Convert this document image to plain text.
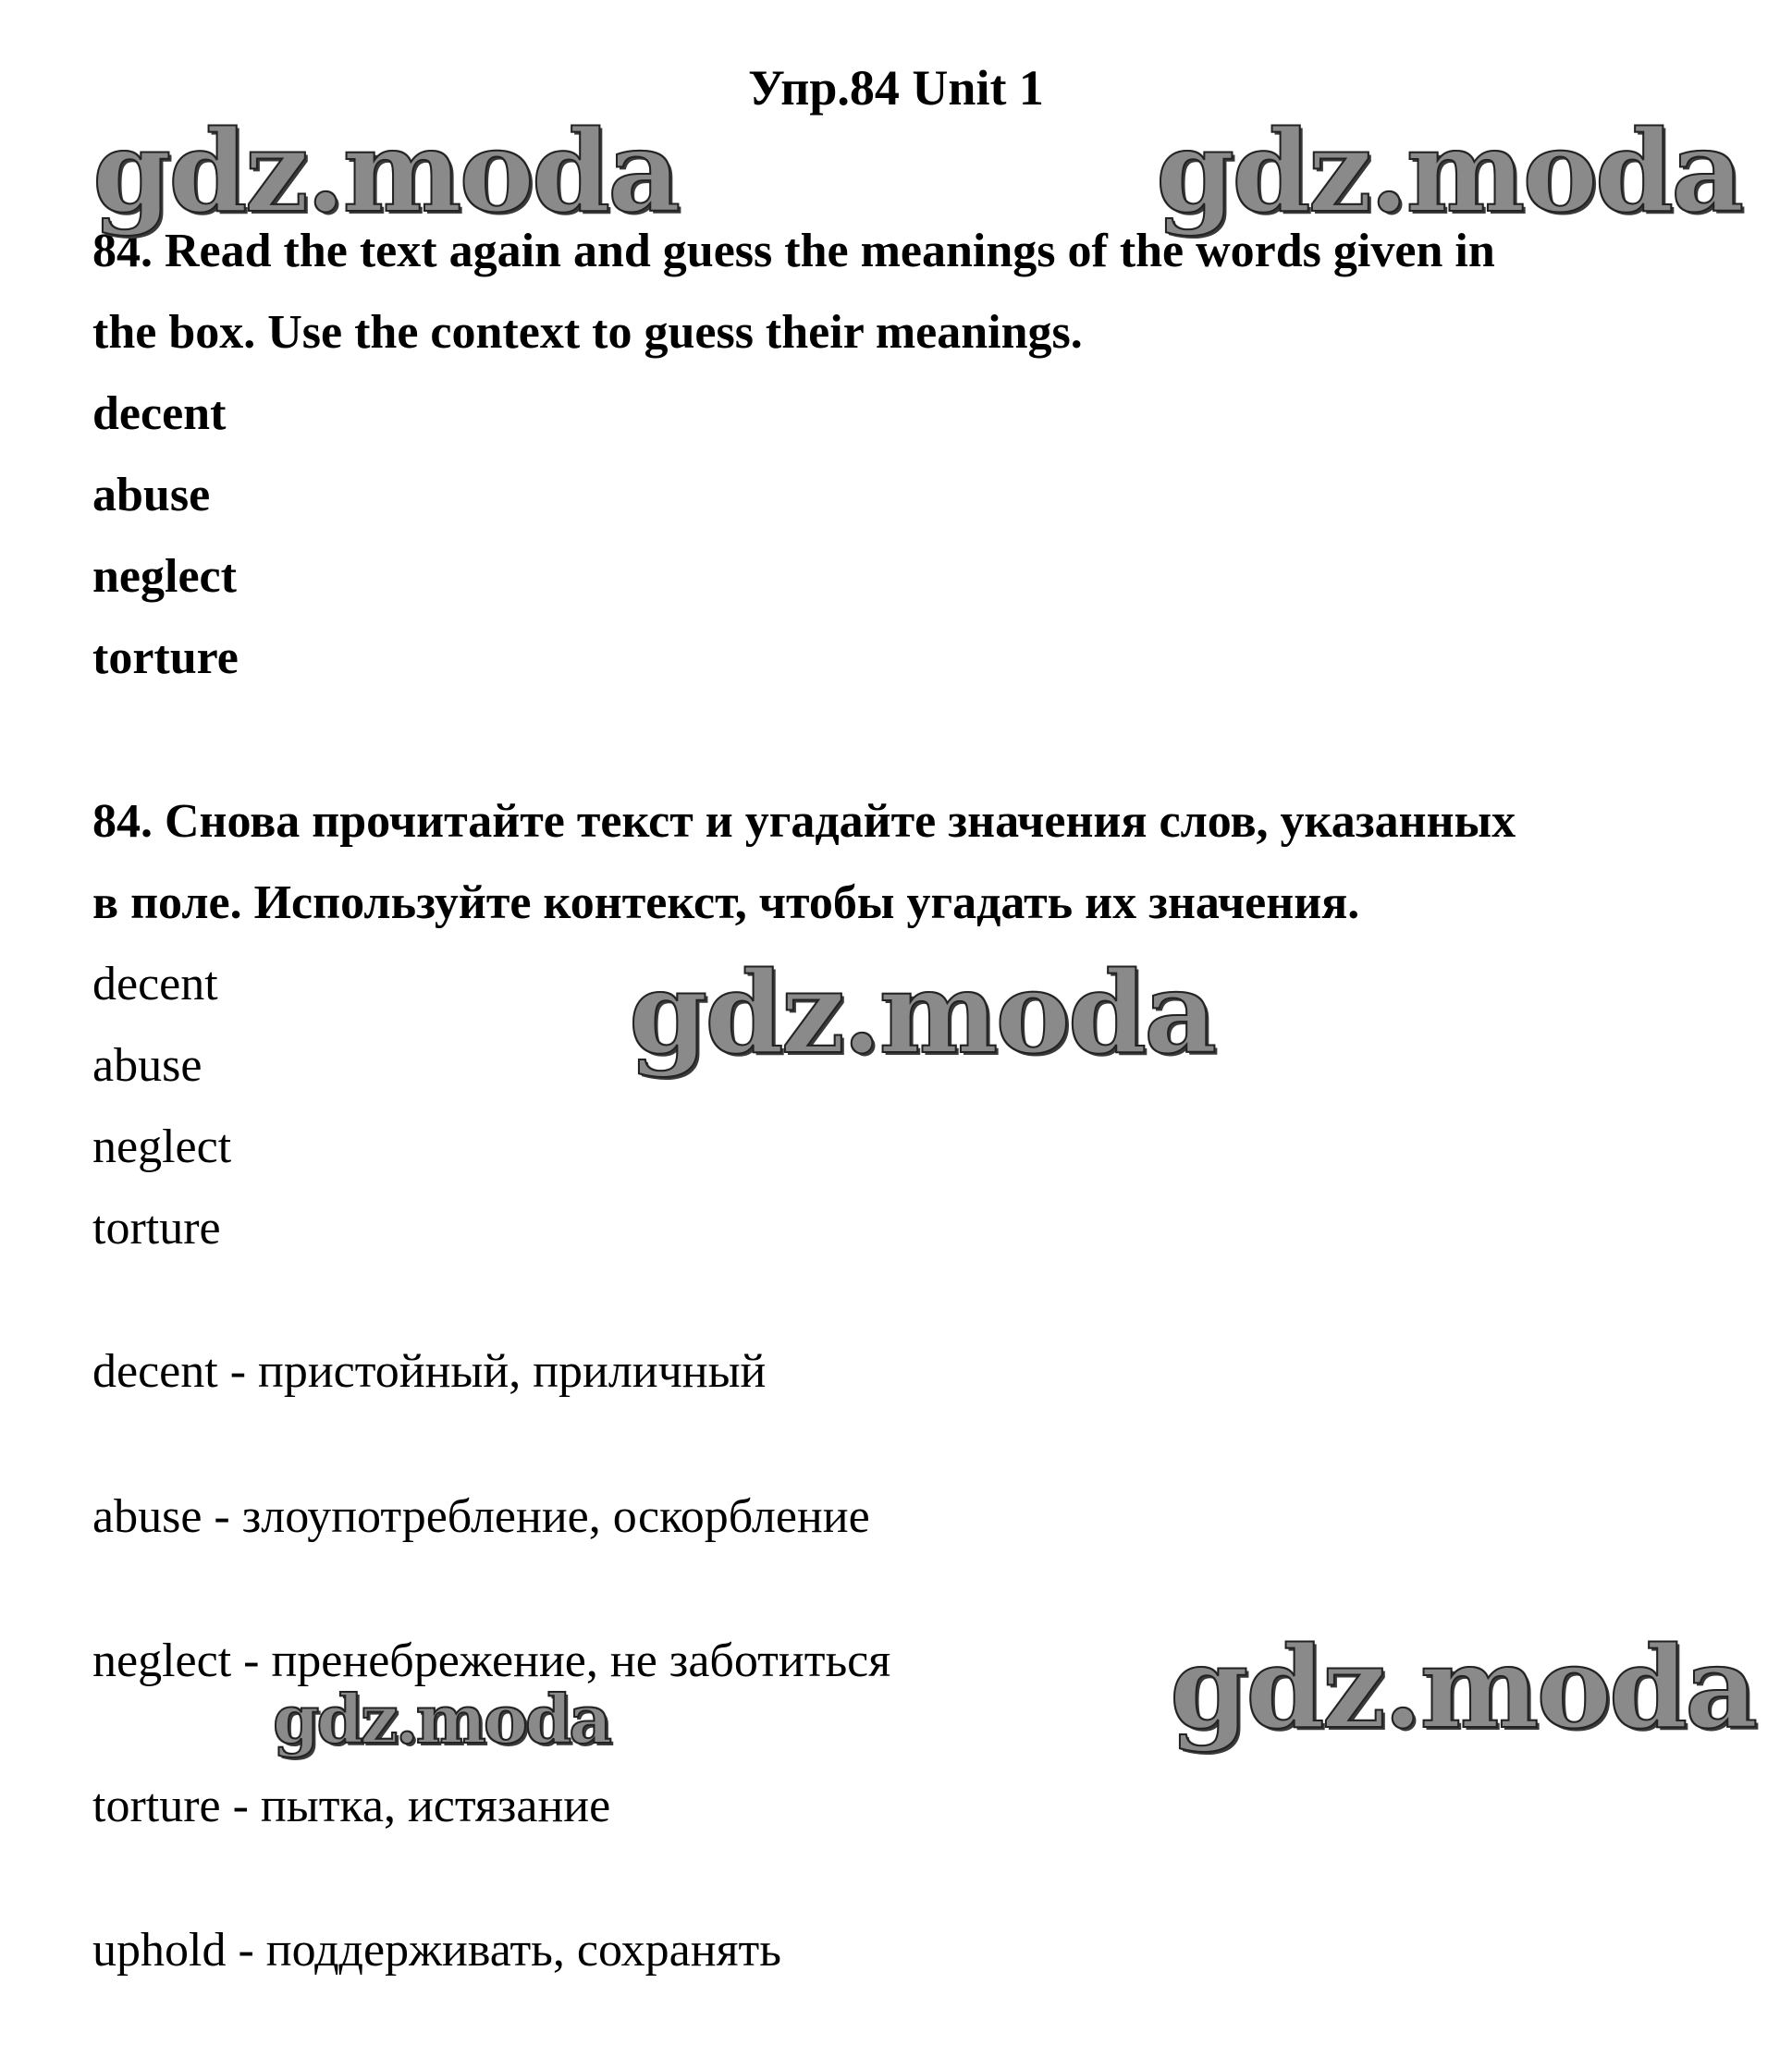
Упр.84 Unit 1
84. Read the text again and guess the meanings of the words given in
the box. Use the context to guess their meanings.
decent
abuse
neglect
torture
84. Снова прочитайте текст и угадайте значения слов, указанных
в поле. Используйте контекст, чтобы угадать их значения.
decent
abuse
neglect
torture
decent - пристойный, приличный
abuse - злоупотребление, оскорбление
neglect - пренебрежение, не заботиться
torture - пытка, истязание
uphold - поддерживать, сохранять
gdz.moda	gdz.moda
gdz.moda
gdz.moda
gdz.moda
